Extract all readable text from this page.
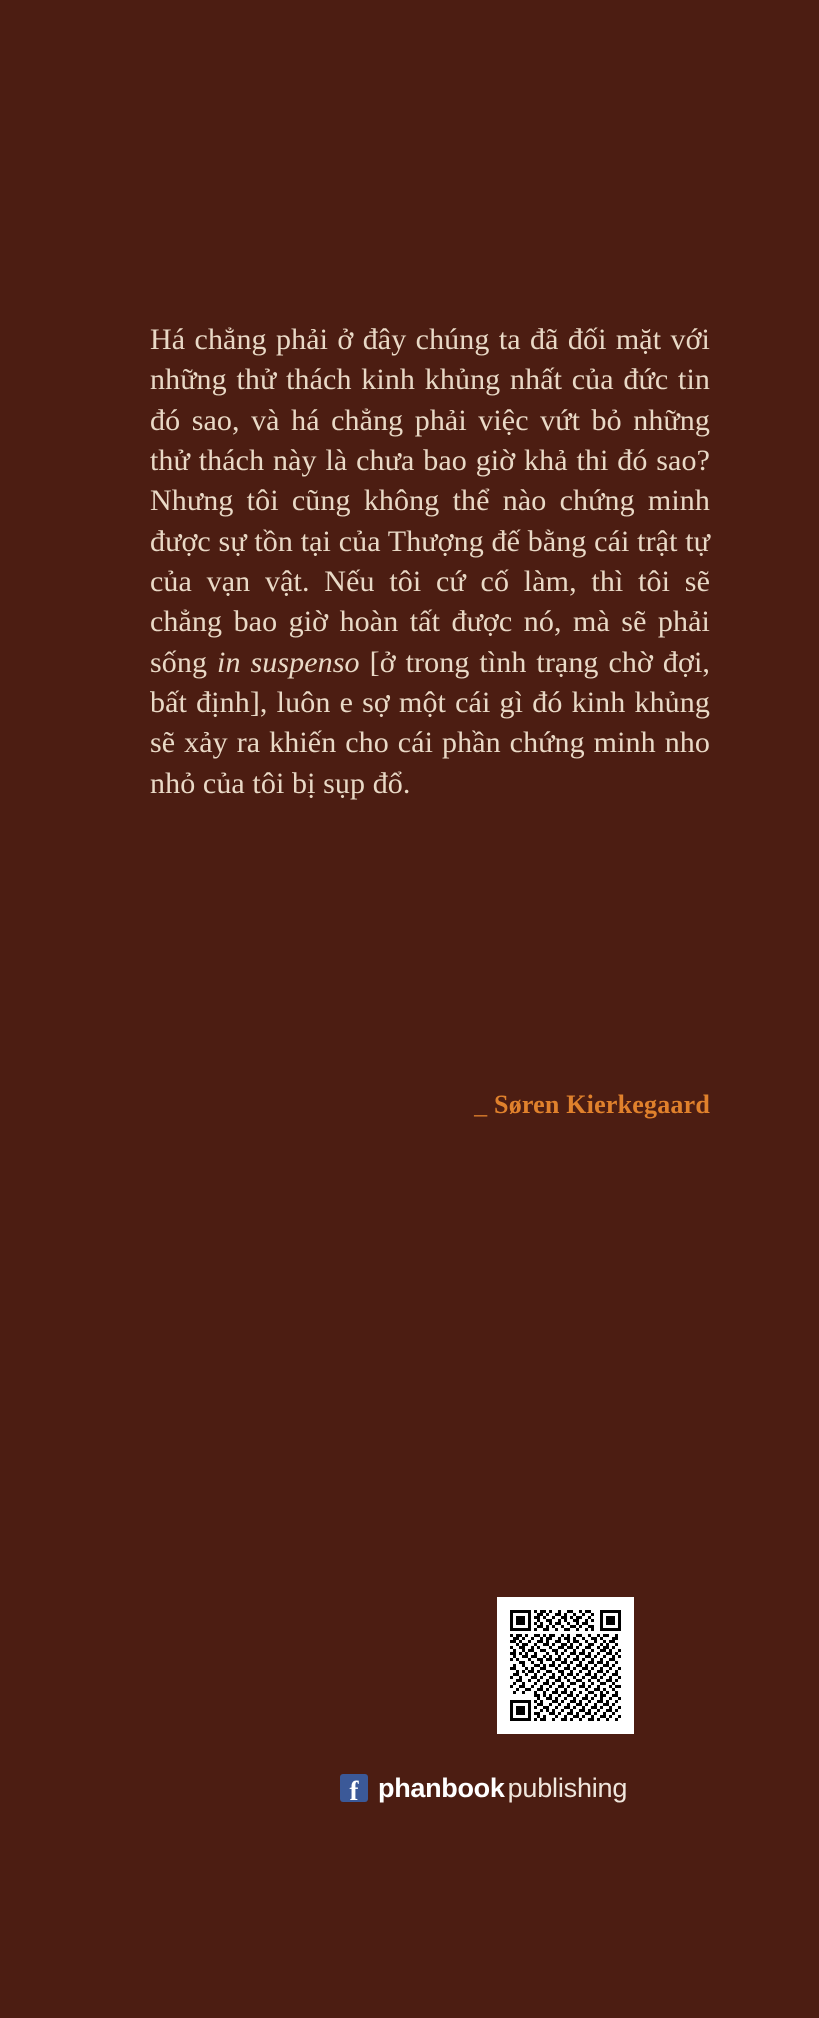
Há chẳng phải ở đây chúng ta đã đối mặt với những thử thách kinh khủng nhất của đức tin đó sao, và há chẳng phải việc vứt bỏ những thử thách này là chưa bao giờ khả thi đó sao? Nhưng tôi cũng không thể nào chứng minh được sự tồn tại của Thượng đế bằng cái trật tự của vạn vật. Nếu tôi cứ cố làm, thì tôi sẽ chẳng bao giờ hoàn tất được nó, mà sẽ phải sống in suspenso [ở trong tình trạng chờ đợi, bất định], luôn e sợ một cái gì đó kinh khủng sẽ xảy ra khiến cho cái phần chứng minh nho nhỏ của tôi bị sụp đổ.

_ Søren Kierkegaard
f phanbook publishing
